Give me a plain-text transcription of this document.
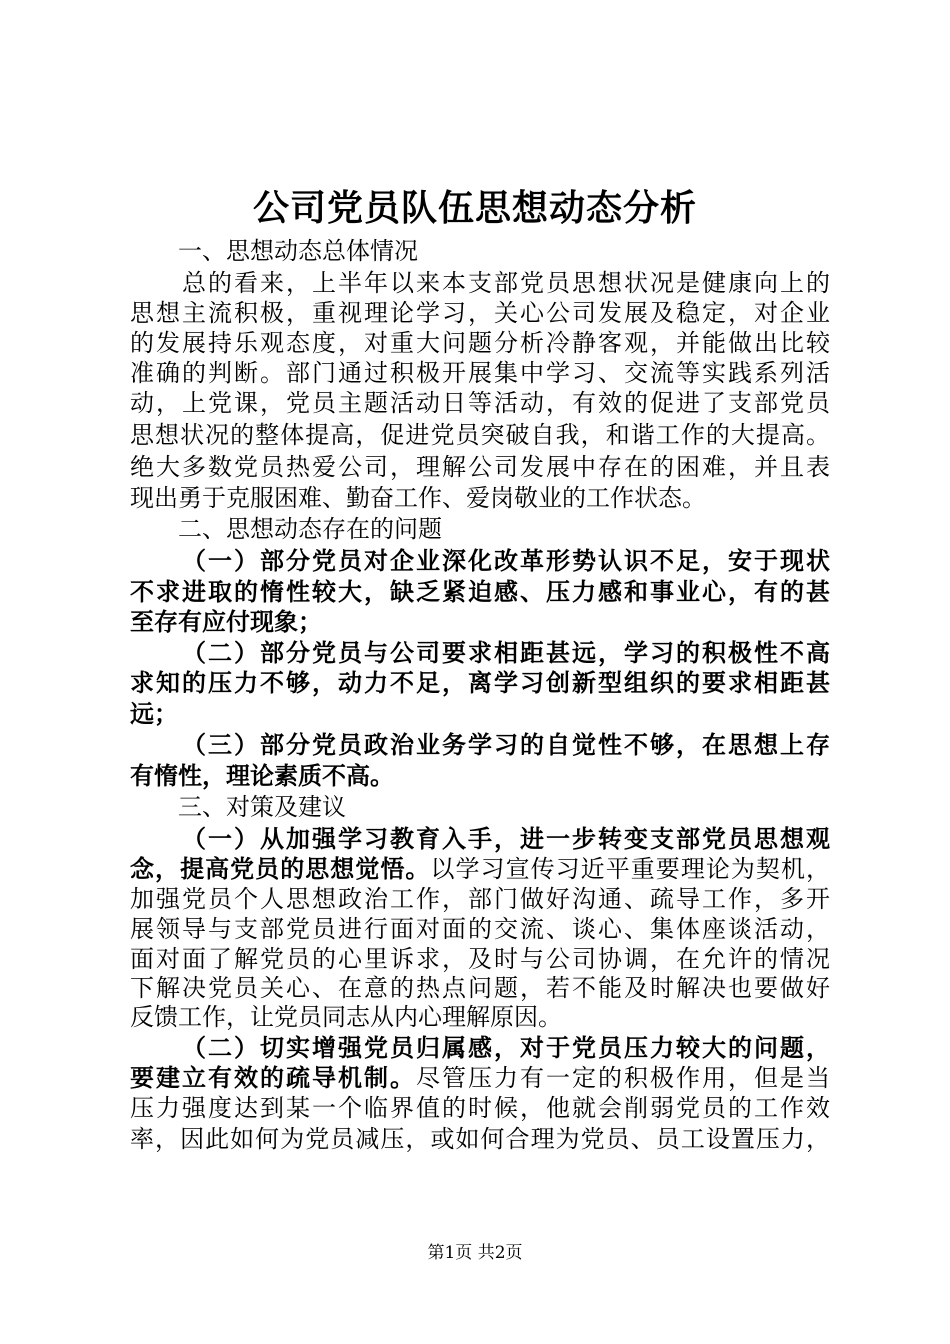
公司党员队伍思想动态分析

一、思想动态总体情况

总的看来，上半年以来本支部党员思想状况是健康向上的

思想主流积极，重视理论学习，关心公司发展及稳定，对企业

的发展持乐观态度，对重大问题分析冷静客观，并能做出比较

准确的判断。部门通过积极开展集中学习、交流等实践系列活

动，上党课，党员主题活动日等活动，有效的促进了支部党员

思想状况的整体提高，促进党员突破自我，和谐工作的大提高。

绝大多数党员热爱公司，理解公司发展中存在的困难，并且表

现出勇于克服困难、勤奋工作、爱岗敬业的工作状态。

二、思想动态存在的问题

（一）部分党员对企业深化改革形势认识不足，安于现状

不求进取的惰性较大，缺乏紧迫感、压力感和事业心，有的甚

至存有应付现象；

（二）部分党员与公司要求相距甚远，学习的积极性不高

求知的压力不够，动力不足，离学习创新型组织的要求相距甚

远；

（三）部分党员政治业务学习的自觉性不够，在思想上存

有惰性，理论素质不高。

三、对策及建议

（一）从加强学习教育入手，进一步转变支部党员思想观

念，提高党员的思想觉悟。以学习宣传习近平重要理论为契机，

加强党员个人思想政治工作，部门做好沟通、疏导工作，多开

展领导与支部党员进行面对面的交流、谈心、集体座谈活动，

面对面了解党员的心里诉求，及时与公司协调，在允许的情况

下解决党员关心、在意的热点问题，若不能及时解决也要做好

反馈工作，让党员同志从内心理解原因。

（二）切实增强党员归属感，对于党员压力较大的问题，

要建立有效的疏导机制。尽管压力有一定的积极作用，但是当

压力强度达到某一个临界值的时候，他就会削弱党员的工作效

率，因此如何为党员减压，或如何合理为党员、员工设置压力，

第1页 共2页
